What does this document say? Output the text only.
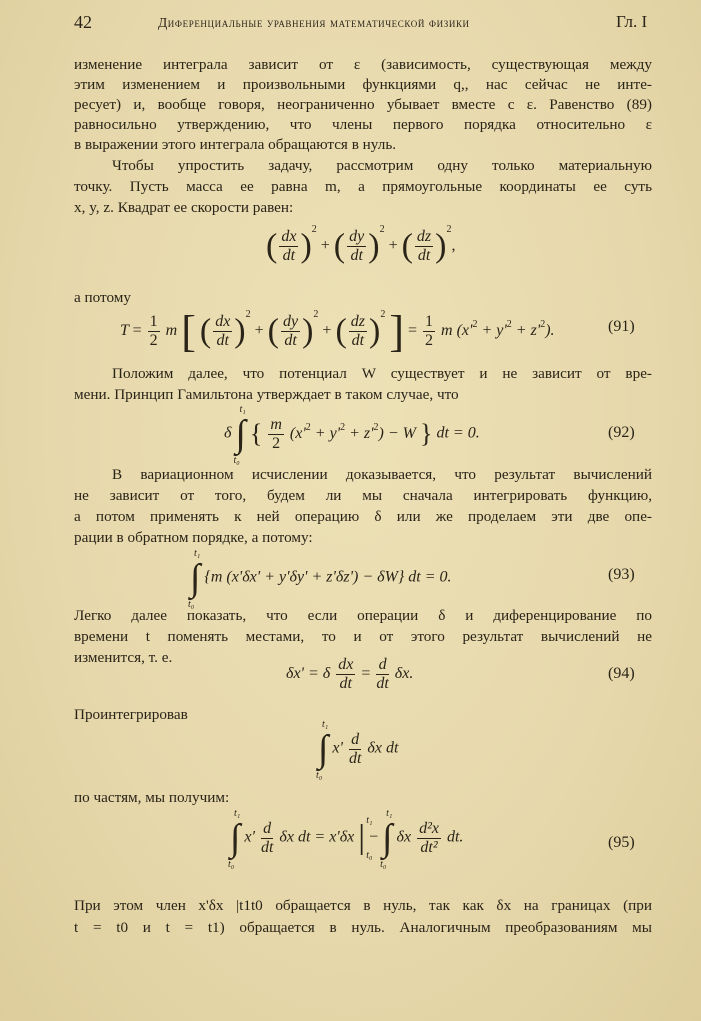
42	Диференциальные уравнения математической физики	Гл. I
изменение интеграла зависит от ε (зависимость, существующая между
этим изменением и произвольными функциями q,, нас сейчас не инте-
ресует) и, вообще говоря, неограниченно убывает вместе с ε. Равенство (89)
равносильно утверждению, что члены первого порядка относительно ε
в выражении этого интеграла обращаются в нуль.
Чтобы упростить задачу, рассмотрим одну только материальную
точку. Пусть масса ее равна m, а прямоугольные координаты ее суть
x, y, z. Квадрат ее скорости равен:
( $\frac{dx}{dt} )^2$ + ( $\frac{dy}{dt} )^2$ + ( $\frac{dz}{dt} )^2$,
а потому
$T = \frac{1}{2}$ m [ ( $\frac{dx}{dt} )^2$ + ( $\frac{dy}{dt} )^2$ + ( $\frac{dz}{dt} )^2$ ] = $\frac{1}{2}$ m $(x'^2 + y'^2 + z'^2)$.	(91)
Положим далее, что потенциал W существует и не зависит от вре-
мени. Принцип Гамильтона утверждает в таком случае, что
δ ∫
t₁
t₀
{ $\frac{m}{2} (x'^2 + y'^2 + z'^2) - W$ } dt = 0.	(92)
В вариационном исчислении доказывается, что результат вычислений
не зависит от того, будем ли мы сначала интегрировать функцию,
а потом применять к ней операцию δ или же проделаем эти две опе-
рации в обратном порядке, а потому:
∫
t₁
t₀
{m (x'δx' + y'δy' + z'δz') − δW} dt = 0.	(93)
Легко далее показать, что если операции δ и диференцирование по
времени t поменять местами, то и от этого результат вычислений не
изменится, т. е.
δx' = δ $\frac{dx}{dt} = \frac{d}{dt} \delta x$.	(94)
Проинтегрировав
∫
t₁
t₀
$x' \frac{d}{dt}$ δx dt
по частям, мы получим:
∫
t₁
t₀
$x' \frac{d}{dt}$ δx dt = x'δx | t₁
t₀
− ∫
t₁
t₀
δx $\frac{\text{d²x}}{\text{dt²}}$ dt.	(95)
При этом член x'δx |t1t0 обращается в нуль, так как δx на границах (при
t = t0 и t = t1) обращается в нуль. Аналогичным преобразованиям мы
